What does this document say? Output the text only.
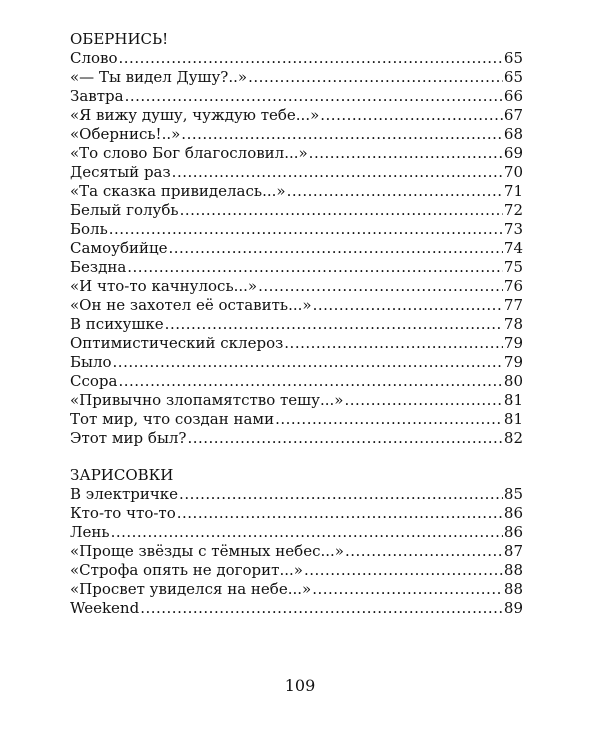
ОБЕРНИСЬ!

Слово .....	65
«— Ты видел Душу?..» .....	65
Завтра .....	66
«Я вижу душу, чуждую тебе...» .....	67
«Обернись!..» .....	68
«То слово Бог благословил...» .....	69
Десятый раз .....	70
«Та сказка привиделась...» .....	71
Белый голубь .....	72
Боль .....	73
Самоубийце .....	74
Бездна .....	75
«И что-то качнулось...» .....	76
«Он не захотел её оставить...» .....	77
В психушке .....	78
Оптимистический склероз .....	79
Было .....	79
Ссора .....	80
«Привычно злопамятство тешу...» .....	81
Тот мир, что создан нами .....	81
Этот мир был? .....	82

ЗАРИСОВКИ

В электричке .....	85
Кто-то что-то .....	86
Лень .....	86
«Проще звёзды с тёмных небес...» .....	87
«Строфа опять не догорит...» .....	88
«Просвет увиделся на небе...» .....	88
Weekend .....	89
109
